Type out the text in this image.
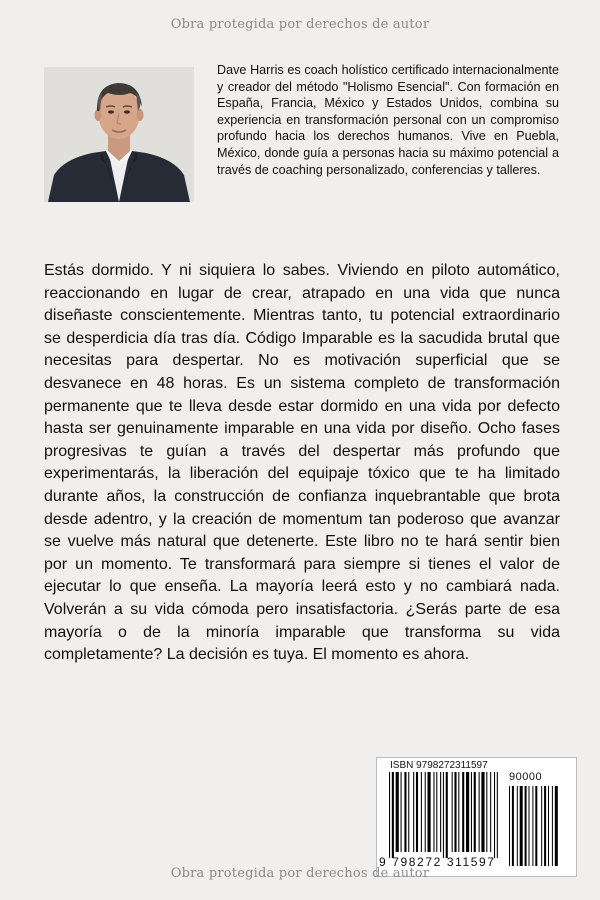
Obra protegida por derechos de autor
Dave Harris es coach holístico certificado internacionalmente y creador del método "Holismo Esencial". Con formación en España, Francia, México y Estados Unidos, combina su experiencia en transformación personal con un compromiso profundo hacia los derechos humanos. Vive en Puebla, México, donde guía a personas hacia su máximo potencial a través de coaching personalizado, conferencias y talleres.
Estás dormido. Y ni siquiera lo sabes. Viviendo en piloto automático, reaccionando en lugar de crear, atrapado en una vida que nunca diseñaste conscientemente. Mientras tanto, tu potencial extraordinario se desperdicia día tras día. Código Imparable es la sacudida brutal que necesitas para despertar. No es motivación superficial que se desvanece en 48 horas. Es un sistema completo de transformación permanente que te lleva desde estar dormido en una vida por defecto hasta ser genuinamente imparable en una vida por diseño. Ocho fases progresivas te guían a través del despertar más profundo que experimentarás, la liberación del equipaje tóxico que te ha limitado durante años, la construcción de confianza inquebrantable que brota desde adentro, y la creación de momentum tan poderoso que avanzar se vuelve más natural que detenerte. Este libro no te hará sentir bien por un momento. Te transformará para siempre si tienes el valor de ejecutar lo que enseña. La mayoría leerá esto y no cambiará nada. Volverán a su vida cómoda pero insatisfactoria. ¿Serás parte de esa mayoría o de la minoría imparable que transforma su vida completamente? La decisión es tuya. El momento es ahora.
ISBN 9798272311597
90000
9 798272 311597
Obra protegida por derechos de autor
